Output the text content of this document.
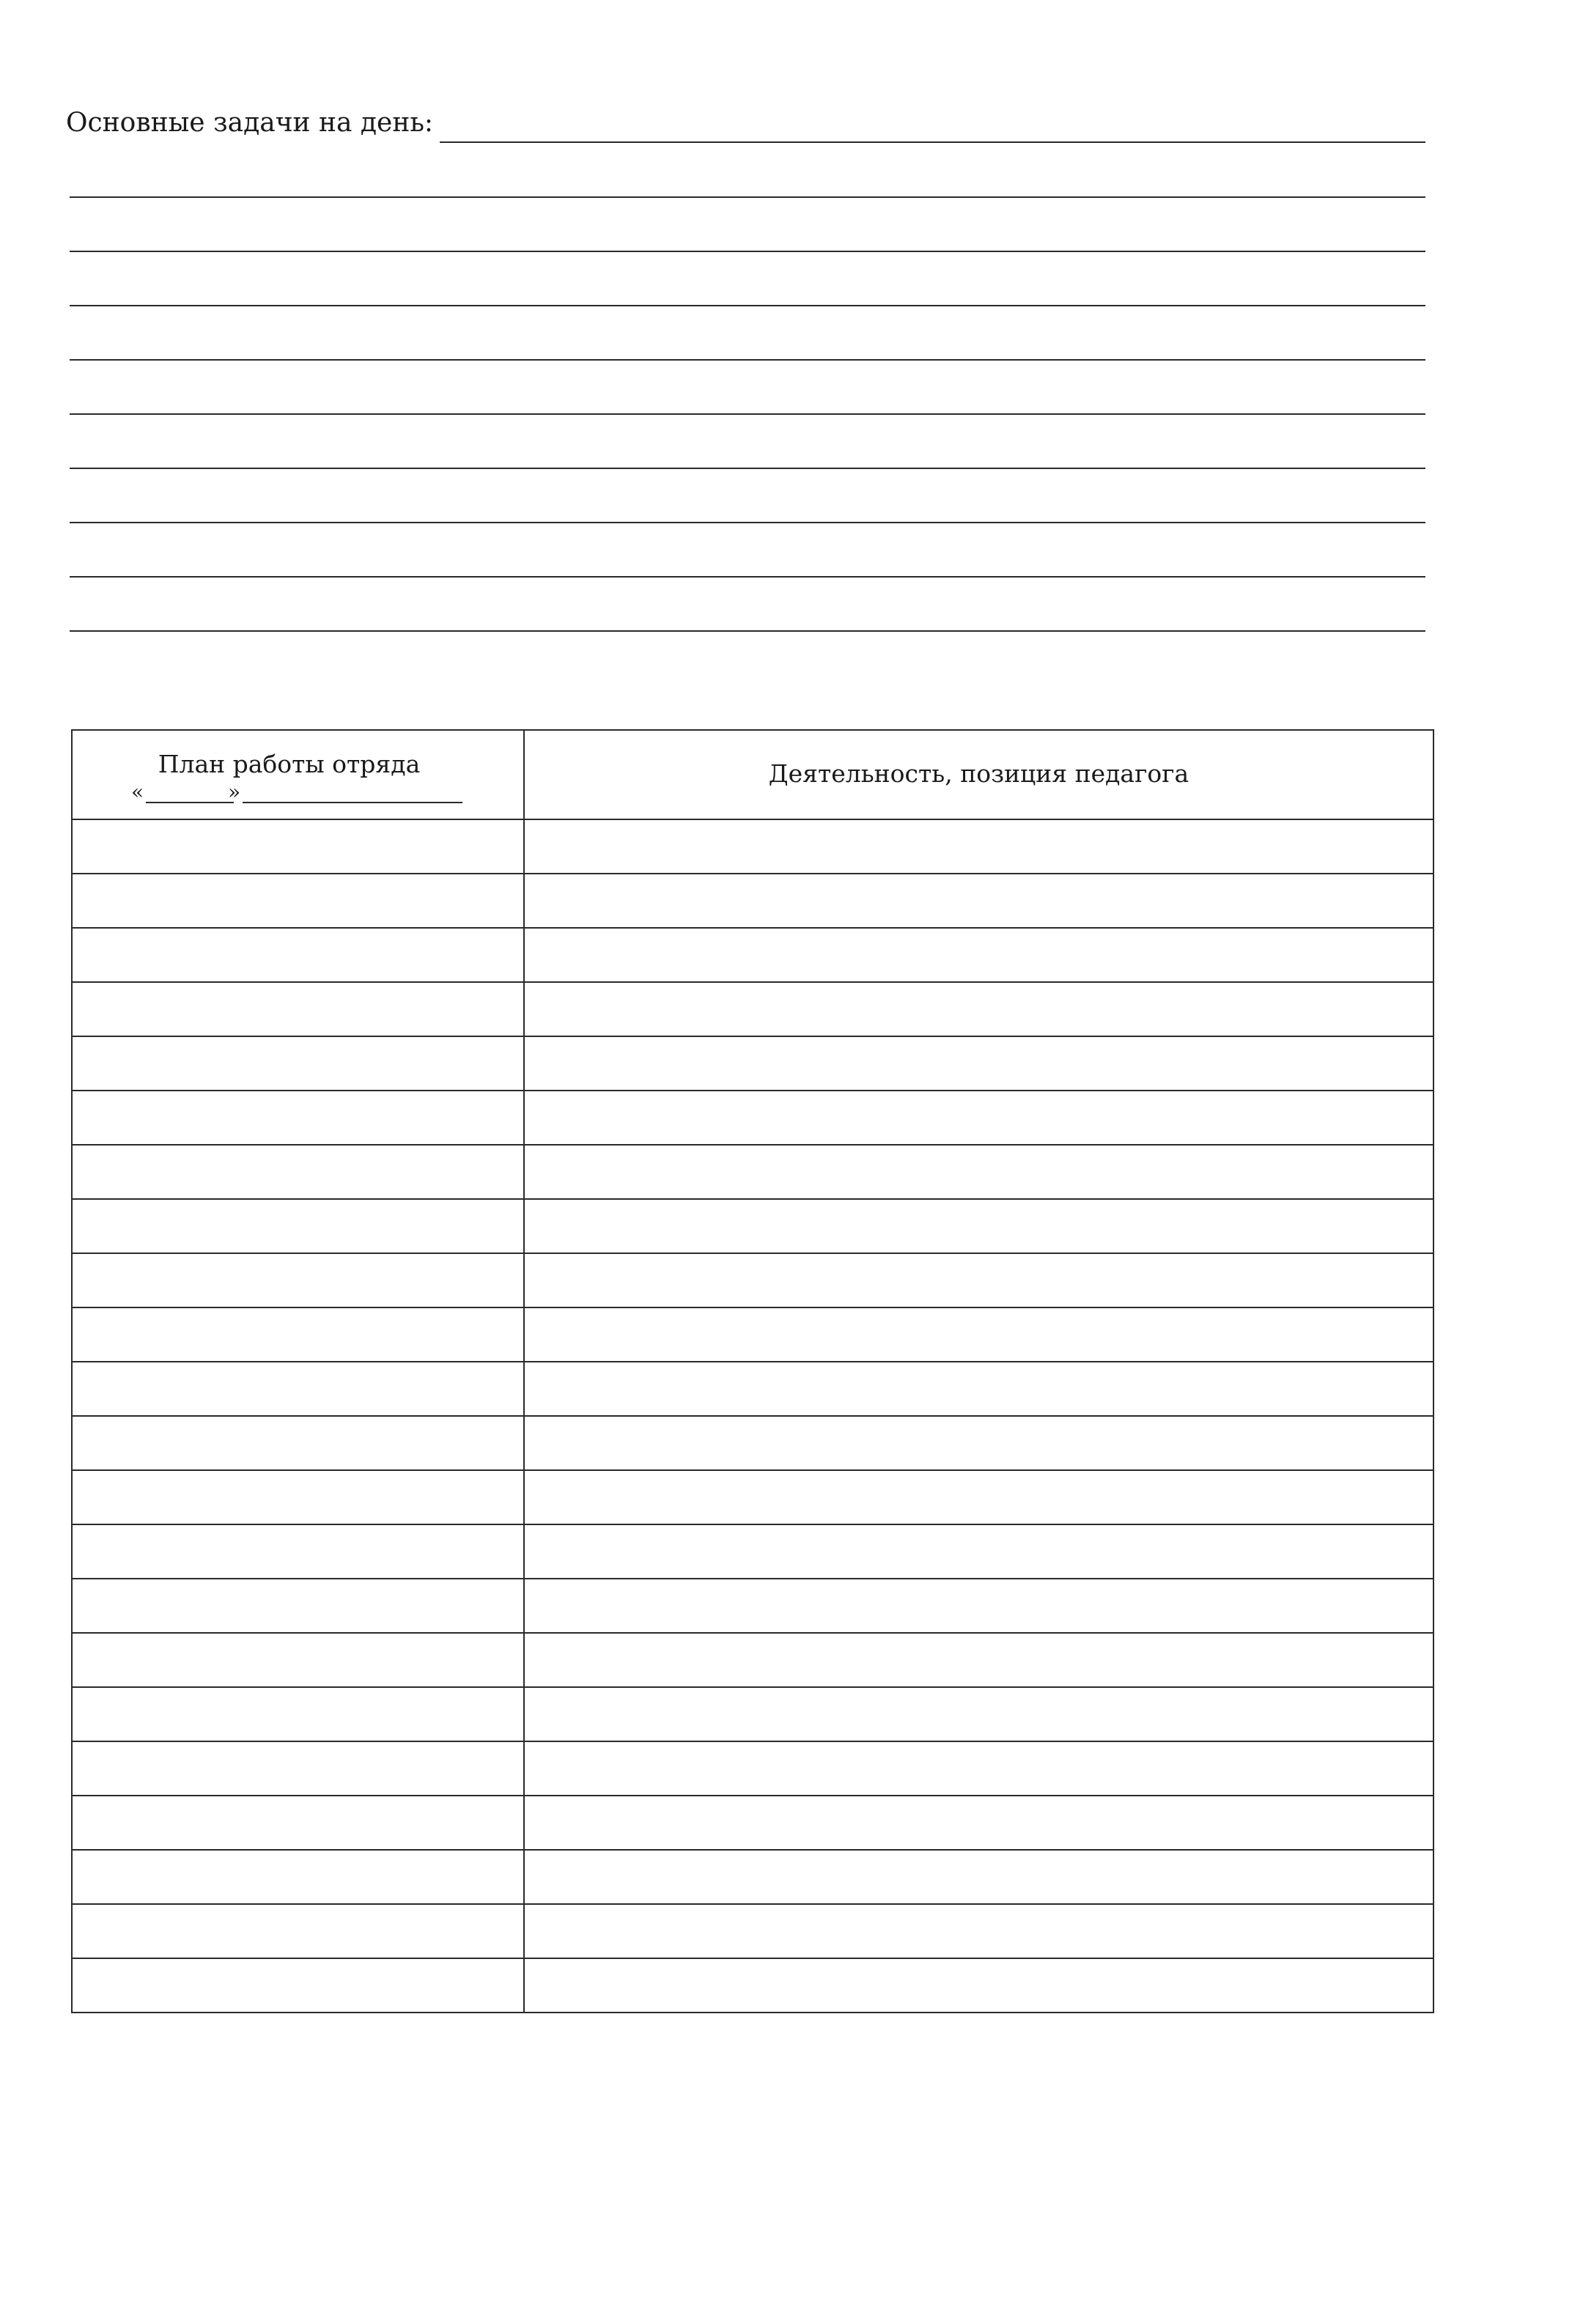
Основные задачи на день:
План работы отряда
« »	Деятельность, позиция педагога
